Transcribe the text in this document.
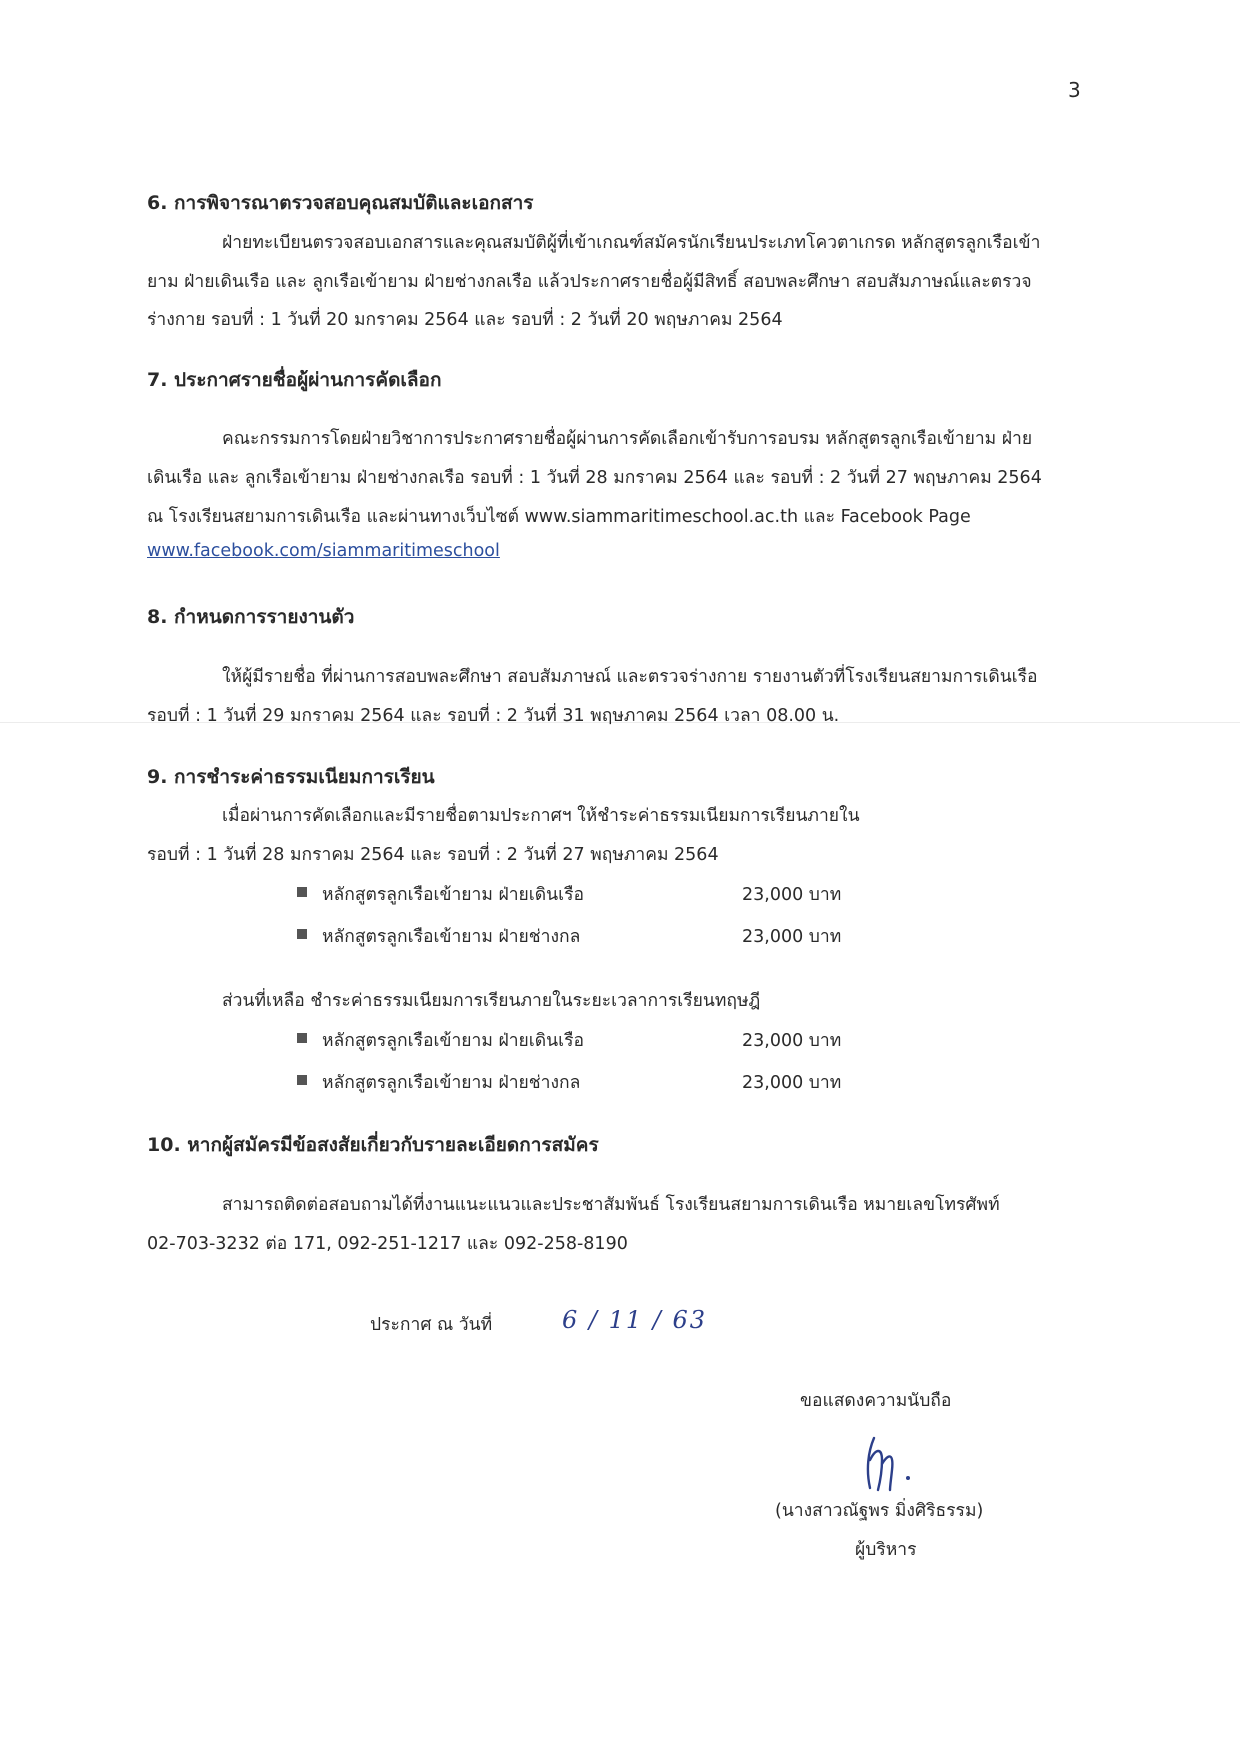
3
6. การพิจารณาตรวจสอบคุณสมบัติและเอกสาร
ฝ่ายทะเบียนตรวจสอบเอกสารและคุณสมบัติผู้ที่เข้าเกณฑ์สมัครนักเรียนประเภทโควตาเกรด หลักสูตรลูกเรือเข้า
ยาม ฝ่ายเดินเรือ และ ลูกเรือเข้ายาม ฝ่ายช่างกลเรือ แล้วประกาศรายชื่อผู้มีสิทธิ์ สอบพละศึกษา สอบสัมภาษณ์และตรวจ
ร่างกาย รอบที่ : 1 วันที่ 20 มกราคม 2564 และ รอบที่ : 2 วันที่ 20 พฤษภาคม 2564
7. ประกาศรายชื่อผู้ผ่านการคัดเลือก
คณะกรรมการโดยฝ่ายวิชาการประกาศรายชื่อผู้ผ่านการคัดเลือกเข้ารับการอบรม หลักสูตรลูกเรือเข้ายาม ฝ่าย
เดินเรือ และ ลูกเรือเข้ายาม ฝ่ายช่างกลเรือ รอบที่ : 1 วันที่ 28 มกราคม 2564 และ รอบที่ : 2 วันที่ 27 พฤษภาคม 2564
ณ โรงเรียนสยามการเดินเรือ และผ่านทางเว็บไซต์ www.siammaritimeschool.ac.th และ Facebook Page
www.facebook.com/siammaritimeschool
8. กำหนดการรายงานตัว
ให้ผู้มีรายชื่อ ที่ผ่านการสอบพละศึกษา สอบสัมภาษณ์ และตรวจร่างกาย รายงานตัวที่โรงเรียนสยามการเดินเรือ
รอบที่ : 1 วันที่ 29 มกราคม 2564 และ รอบที่ : 2 วันที่ 31 พฤษภาคม 2564 เวลา 08.00 น.
9. การชำระค่าธรรมเนียมการเรียน
เมื่อผ่านการคัดเลือกและมีรายชื่อตามประกาศฯ ให้ชำระค่าธรรมเนียมการเรียนภายใน
รอบที่ : 1 วันที่ 28 มกราคม 2564 และ รอบที่ : 2 วันที่ 27 พฤษภาคม 2564
หลักสูตรลูกเรือเข้ายาม ฝ่ายเดินเรือ	23,000 บาท
หลักสูตรลูกเรือเข้ายาม ฝ่ายช่างกล	23,000 บาท
ส่วนที่เหลือ ชำระค่าธรรมเนียมการเรียนภายในระยะเวลาการเรียนทฤษฎี
หลักสูตรลูกเรือเข้ายาม ฝ่ายเดินเรือ	23,000 บาท
หลักสูตรลูกเรือเข้ายาม ฝ่ายช่างกล	23,000 บาท
10. หากผู้สมัครมีข้อสงสัยเกี่ยวกับรายละเอียดการสมัคร
สามารถติดต่อสอบถามได้ที่งานแนะแนวและประชาสัมพันธ์ โรงเรียนสยามการเดินเรือ หมายเลขโทรศัพท์
02-703-3232 ต่อ 171, 092-251-1217 และ 092-258-8190
ประกาศ ณ วันที่	6 / 11 / 63
ขอแสดงความนับถือ
(นางสาวณัฐพร มิ่งศิริธรรม)
ผู้บริหาร
